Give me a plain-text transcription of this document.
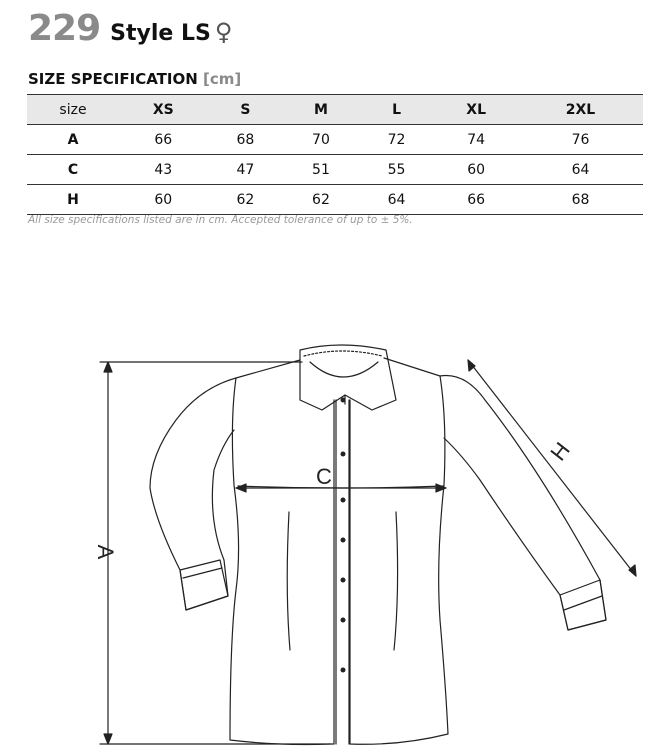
229 Style LS ♀
SIZE SPECIFICATION [cm]
size	XS	S	M	L	XL	2XL
A	66	68	70	72	74	76
C	43	47	51	55	60	64
H	60	62	62	64	66	68
All size specifications listed are in cm. Accepted tolerance of up to ± 5%.
A
C
H
